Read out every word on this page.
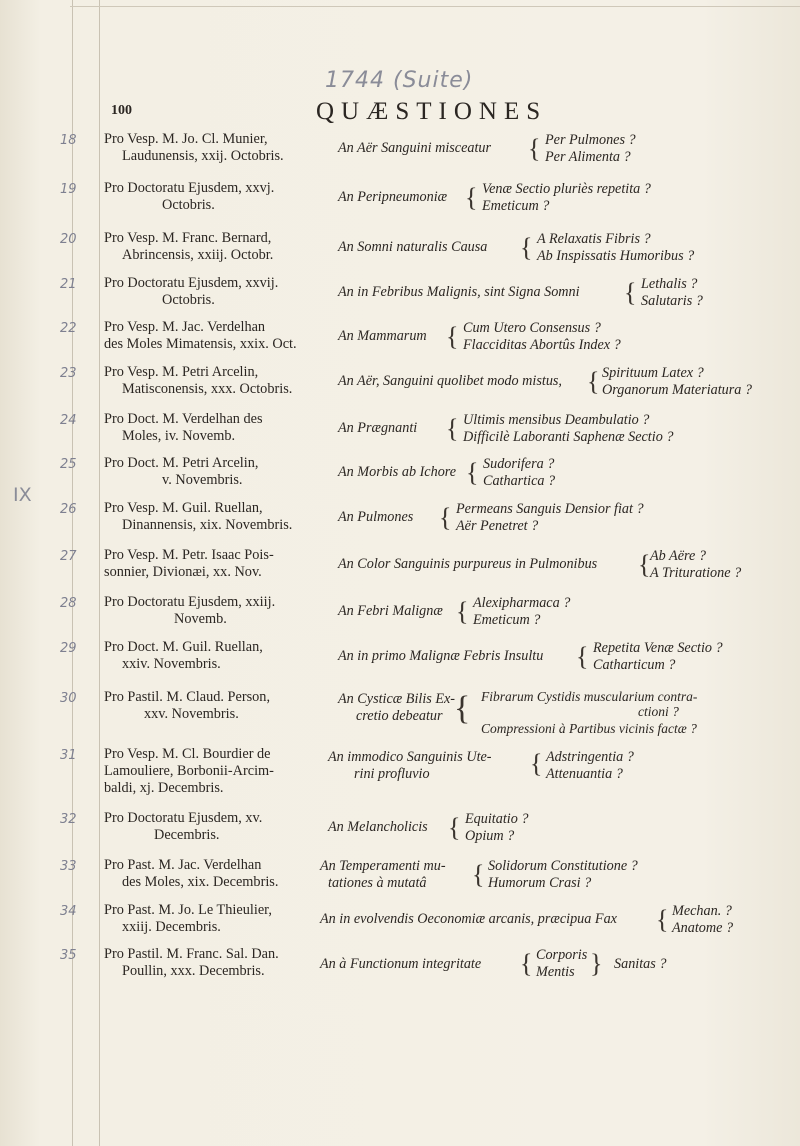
1744 (Suite)
IX
100	QUÆSTIONES
18	Pro Vesp. M. Jo. Cl. Munier,
Laudunensis, xxij. Octobris.	An Aër Sanguini misceatur { Per Pulmones ?
Per Alimenta ?
19	Pro Doctoratu Ejusdem, xxvj.
Octobris.	An Peripneumoniæ { Venæ Sectio pluriès repetita ?
Emeticum ?
20	Pro Vesp. M. Franc. Bernard,
Abrincensis, xxiij. Octobr.	An Somni naturalis Causa { A Relaxatis Fibris ?
Ab Inspissatis Humoribus ?
21	Pro Doctoratu Ejusdem, xxvij.
Octobris.	An in Febribus Malignis, sint Signa Somni { Lethalis ?
Salutaris ?
22	Pro Vesp. M. Jac. Verdelhan
des Moles Mimatensis, xxix. Oct.	An Mammarum { Cum Utero Consensus ?
Flacciditas Abortûs Index ?
23	Pro Vesp. M. Petri Arcelin,
Matisconensis, xxx. Octobris.	An Aër, Sanguini quolibet modo mistus, { Spirituum Latex ?
Organorum Materiatura ?
24	Pro Doct. M. Verdelhan des
Moles, iv. Novemb.	An Prægnanti { Ultimis mensibus Deambulatio ?
Difficilè Laboranti Saphenæ Sectio ?
25	Pro Doct. M. Petri Arcelin,
v. Novembris.	An Morbis ab Ichore { Sudorifera ?
Cathartica ?
26	Pro Vesp. M. Guil. Ruellan,
Dinannensis, xix. Novembris.	An Pulmones { Permeans Sanguis Densior fiat ?
Aër Penetret ?
27	Pro Vesp. M. Petr. Isaac Pois-
sonnier, Divionæi, xx. Nov.	An Color Sanguinis purpureus in Pulmonibus { Ab Aëre ?
A Trituratione ?
28	Pro Doctoratu Ejusdem, xxiij.
Novemb.	An Febri Malignæ { Alexipharmaca ?
Emeticum ?
29	Pro Doct. M. Guil. Ruellan,
xxiv. Novembris.	An in primo Malignæ Febris Insultu { Repetita Venæ Sectio ?
Catharticum ?
30	Pro Pastil. M. Claud. Person,
xxv. Novembris.
An Cysticæ Bilis Ex-
cretio debeatur { Fibrarum Cystidis muscularium contra-
ctioni ?
Compressioni à Partibus vicinis factæ ?
31	Pro Vesp. M. Cl. Bourdier de
Lamouliere, Borbonii-Arcim-
baldi, xj. Decembris.
An immodico Sanguinis Ute-
rini profluvio	{ Adstringentia ?
Attenuantia ?
32	Pro Doctoratu Ejusdem, xv.
Decembris.	An Melancholicis { Equitatio ?
Opium ?
33	Pro Past. M. Jac. Verdelhan
des Moles, xix. Decembris.
An Temperamenti mu-
tationes à mutatâ { Solidorum Constitutione ?
Humorum Crasi ?
34	Pro Past. M. Jo. Le Thieulier,
xxiij. Decembris.	An in evolvendis Oeconomiæ arcanis, præcipua Fax { Mechan. ?
Anatome ?
35	Pro Pastil. M. Franc. Sal. Dan.
Poullin, xxx. Decembris.	An à Functionum integritate { Corporis
Mentis } Sanitas ?
